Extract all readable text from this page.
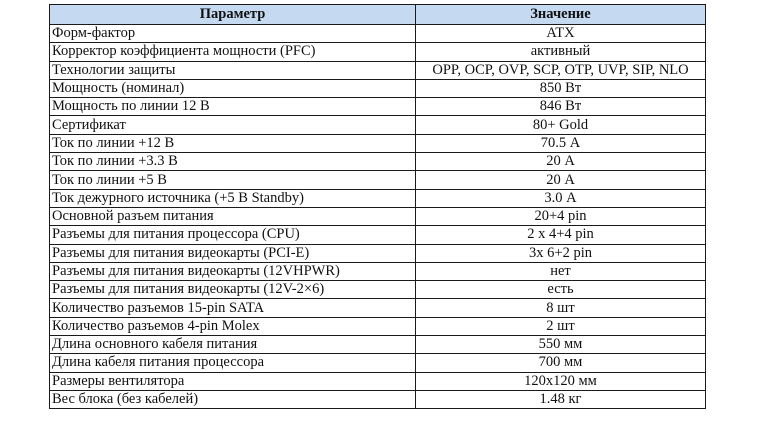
Параметр	Значение
Форм-фактор	ATX
Корректор коэффициента мощности (PFC)	активный
Технологии защиты	OPP, OCP, OVP, SCP, OTP, UVP, SIP, NLO
Мощность (номинал)	850 Вт
Мощность по линии 12 В	846 Вт
Сертификат	80+ Gold
Ток по линии +12 В	70.5 А
Ток по линии +3.3 В	20 А
Ток по линии +5 В	20 А
Ток дежурного источника (+5 В Standby)	3.0 А
Основной разъем питания	20+4 pin
Разъемы для питания процессора (CPU)	2 x 4+4 pin
Разъемы для питания видеокарты (PCI-E)	3x 6+2 pin
Разъемы для питания видеокарты (12VHPWR)	нет
Разъемы для питания видеокарты (12V-2×6)	есть
Количество разъемов 15-pin SATA	8 шт
Количество разъемов 4-pin Molex	2 шт
Длина основного кабеля питания	550 мм
Длина кабеля питания процессора	700 мм
Размеры вентилятора	120x120 мм
Вес блока (без кабелей)	1.48 кг
